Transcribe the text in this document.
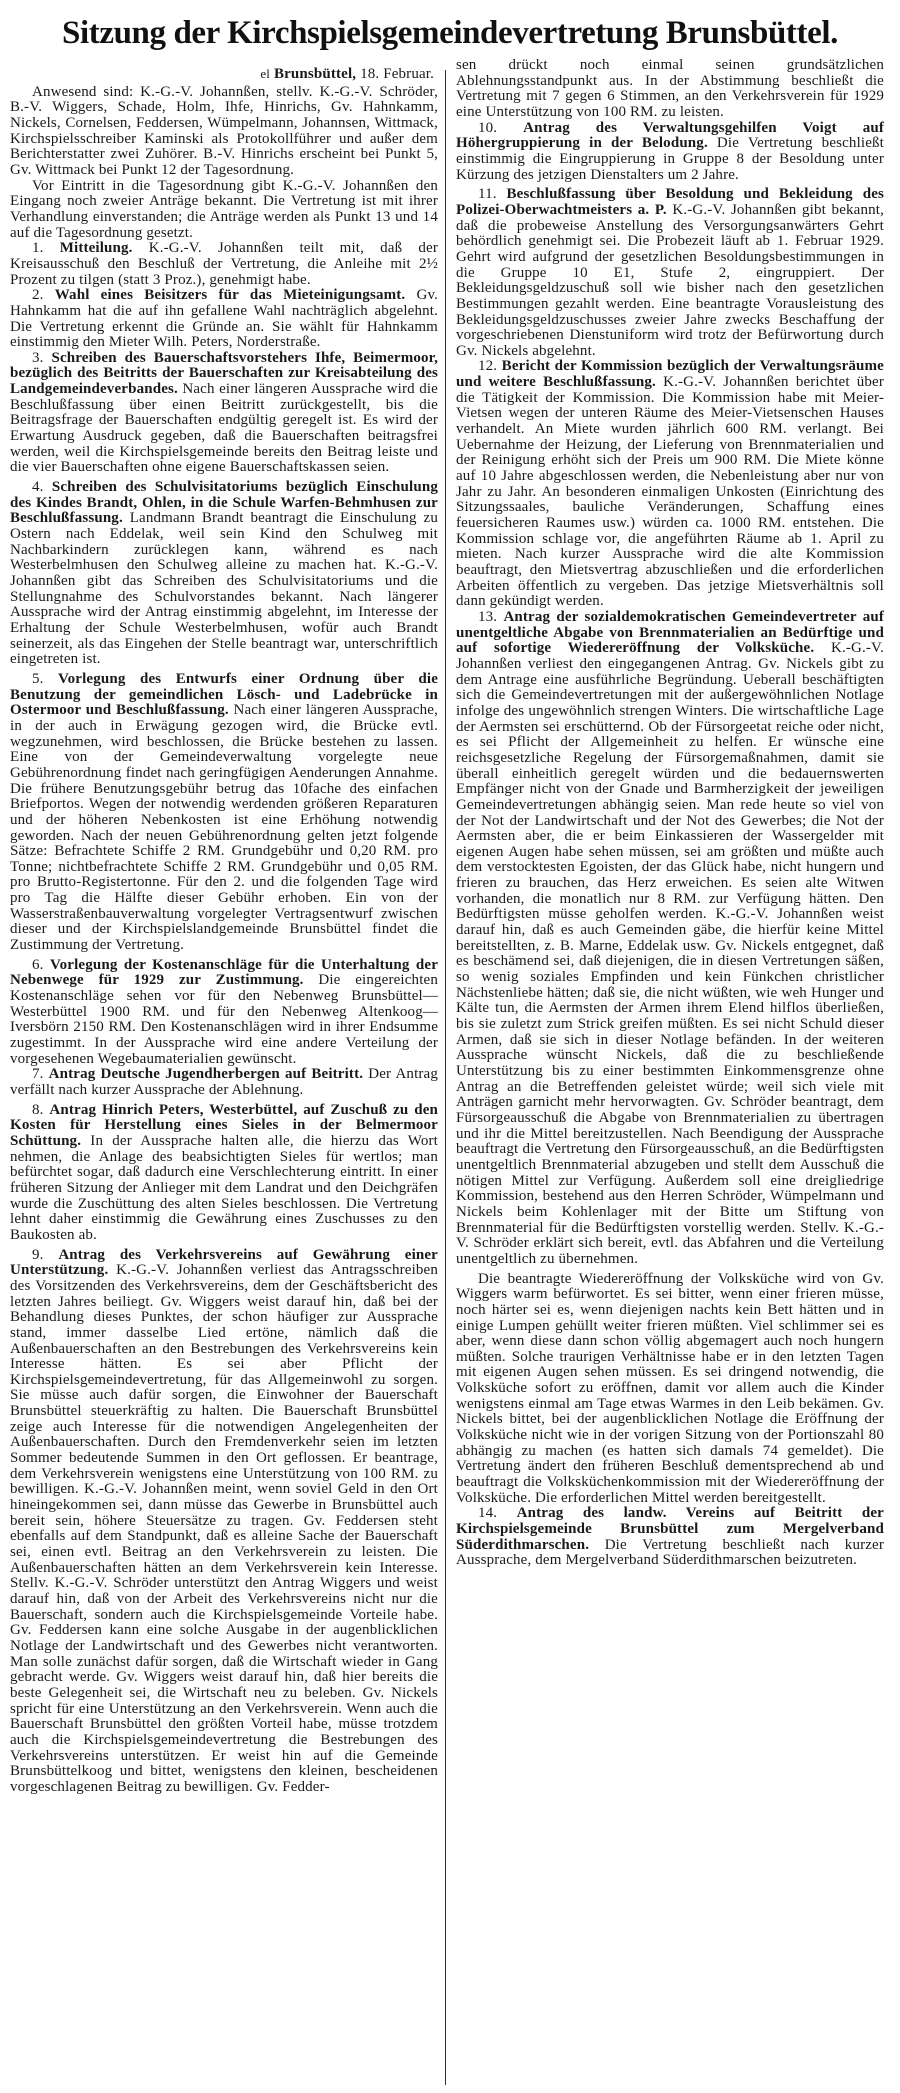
Sitzung der Kirchspielsgemeindevertretung Brunsbüttel.
el Brunsbüttel, 18. Februar.

Anwesend sind: K.-G.-V. Johannßen, stellv. K.-G.-V. Schröder, B.-V. Wiggers, Schade, Holm, Ihfe, Hinrichs, Gv. Hahnkamm, Nickels, Cornelsen, Feddersen, Wümpelmann, Johannsen, Wittmack, Kirchspielsschreiber Kaminski als Protokollführer und außer dem Berichterstatter zwei Zuhörer. B.-V. Hinrichs erscheint bei Punkt 5, Gv. Wittmack bei Punkt 12 der Tagesordnung.

Vor Eintritt in die Tagesordnung gibt K.-G.-V. Johannßen den Eingang noch zweier Anträge bekannt. Die Vertretung ist mit ihrer Verhandlung einverstanden; die Anträge werden als Punkt 13 und 14 auf die Tagesordnung gesetzt.

1. Mitteilung. K.-G.-V. Johannßen teilt mit, daß der Kreisausschuß den Beschluß der Vertretung, die Anleihe mit 2½ Prozent zu tilgen (statt 3 Proz.), genehmigt habe.

2. Wahl eines Beisitzers für das Mieteinigungsamt. Gv. Hahnkamm hat die auf ihn gefallene Wahl nachträglich abgelehnt. Die Vertretung erkennt die Gründe an. Sie wählt für Hahnkamm einstimmig den Mieter Wilh. Peters, Norderstraße.

3. Schreiben des Bauerschaftsvorstehers Ihfe, Beimermoor, bezüglich des Beitritts der Bauerschaften zur Kreisabteilung des Landgemeindeverbandes. Nach einer längeren Aussprache wird die Beschlußfassung über einen Beitritt zurückgestellt, bis die Beitragsfrage der Bauerschaften endgültig geregelt ist. Es wird der Erwartung Ausdruck gegeben, daß die Bauerschaften beitragsfrei werden, weil die Kirchspielsgemeinde bereits den Beitrag leiste und die vier Bauerschaften ohne eigene Bauerschaftskassen seien.

4. Schreiben des Schulvisitatoriums bezüglich Einschulung des Kindes Brandt, Ohlen, in die Schule Warfen-Behmhusen zur Beschlußfassung. Landmann Brandt beantragt die Einschulung zu Ostern nach Eddelak, weil sein Kind den Schulweg mit Nachbarkindern zurücklegen kann, während es nach Westerbelmhusen den Schulweg alleine zu machen hat. K.-G.-V. Johannßen gibt das Schreiben des Schulvisitatoriums und die Stellungnahme des Schulvorstandes bekannt. Nach längerer Aussprache wird der Antrag einstimmig abgelehnt, im Interesse der Erhaltung der Schule Westerbelmhusen, wofür auch Brandt seinerzeit, als das Eingehen der Stelle beantragt war, unterschriftlich eingetreten ist.

5. Vorlegung des Entwurfs einer Ordnung über die Benutzung der gemeindlichen Lösch- und Ladebrücke in Ostermoor und Beschlußfassung. Nach einer längeren Aussprache, in der auch in Erwägung gezogen wird, die Brücke evtl. wegzunehmen, wird beschlossen, die Brücke bestehen zu lassen. Eine von der Gemeindeverwaltung vorgelegte neue Gebührenordnung findet nach geringfügigen Aenderungen Annahme. Die frühere Benutzungsgebühr betrug das 10fache des einfachen Briefportos. Wegen der notwendig werdenden größeren Reparaturen und der höheren Nebenkosten ist eine Erhöhung notwendig geworden. Nach der neuen Gebührenordnung gelten jetzt folgende Sätze: Befrachtete Schiffe 2 RM. Grundgebühr und 0,20 RM. pro Tonne; nichtbefrachtete Schiffe 2 RM. Grundgebühr und 0,05 RM. pro Brutto-Registertonne. Für den 2. und die folgenden Tage wird pro Tag die Hälfte dieser Gebühr erhoben. Ein von der Wasserstraßenbauverwaltung vorgelegter Vertragsentwurf zwischen dieser und der Kirchspielslandgemeinde Brunsbüttel findet die Zustimmung der Vertretung.

6. Vorlegung der Kostenanschläge für die Unterhaltung der Nebenwege für 1929 zur Zustimmung. Die eingereichten Kostenanschläge sehen vor für den Nebenweg Brunsbüttel—Westerbüttel 1900 RM. und für den Nebenweg Altenkoog—Iversbörn 2150 RM. Den Kostenanschlägen wird in ihrer Endsumme zugestimmt. In der Aussprache wird eine andere Verteilung der vorgesehenen Wegebaumaterialien gewünscht.

7. Antrag Deutsche Jugendherbergen auf Beitritt. Der Antrag verfällt nach kurzer Aussprache der Ablehnung.

8. Antrag Hinrich Peters, Westerbüttel, auf Zuschuß zu den Kosten für Herstellung eines Sieles in der Belmermoor Schüttung. In der Aussprache halten alle, die hierzu das Wort nehmen, die Anlage des beabsichtigten Sieles für wertlos; man befürchtet sogar, daß dadurch eine Verschlechterung eintritt. In einer früheren Sitzung der Anlieger mit dem Landrat und den Deichgräfen wurde die Zuschüttung des alten Sieles beschlossen. Die Vertretung lehnt daher einstimmig die Gewährung eines Zuschusses zu den Baukosten ab.

9. Antrag des Verkehrsvereins auf Gewährung einer Unterstützung. K.-G.-V. Johannßen verliest das Antragsschreiben des Vorsitzenden des Verkehrsvereins, dem der Geschäftsbericht des letzten Jahres beiliegt. Gv. Wiggers weist darauf hin, daß bei der Behandlung dieses Punktes, der schon häufiger zur Aussprache stand, immer dasselbe Lied ertöne, nämlich daß die Außenbauerschaften an den Bestrebungen des Verkehrsvereins kein Interesse hätten. Es sei aber Pflicht der Kirchspielsgemeindevertretung, für das Allgemeinwohl zu sorgen. Sie müsse auch dafür sorgen, die Einwohner der Bauerschaft Brunsbüttel steuerkräftig zu halten. Die Bauerschaft Brunsbüttel zeige auch Interesse für die notwendigen Angelegenheiten der Außenbauerschaften. Durch den Fremdenverkehr seien im letzten Sommer bedeutende Summen in den Ort geflossen. Er beantrage, dem Verkehrsverein wenigstens eine Unterstützung von 100 RM. zu bewilligen. K.-G.-V. Johannßen meint, wenn soviel Geld in den Ort hineingekommen sei, dann müsse das Gewerbe in Brunsbüttel auch bereit sein, höhere Steuersätze zu tragen. Gv. Feddersen steht ebenfalls auf dem Standpunkt, daß es alleine Sache der Bauerschaft sei, einen evtl. Beitrag an den Verkehrsverein zu leisten. Die Außenbauerschaften hätten an dem Verkehrsverein kein Interesse. Stellv. K.-G.-V. Schröder unterstützt den Antrag Wiggers und weist darauf hin, daß von der Arbeit des Verkehrsvereins nicht nur die Bauerschaft, sondern auch die Kirchspielsgemeinde Vorteile habe. Gv. Feddersen kann eine solche Ausgabe in der augenblicklichen Notlage der Landwirtschaft und des Gewerbes nicht verantworten. Man solle zunächst dafür sorgen, daß die Wirtschaft wieder in Gang gebracht werde. Gv. Wiggers weist darauf hin, daß hier bereits die beste Gelegenheit sei, die Wirtschaft neu zu beleben. Gv. Nickels spricht für eine Unterstützung an den Verkehrsverein. Wenn auch die Bauerschaft Brunsbüttel den größten Vorteil habe, müsse trotzdem auch die Kirchspielsgemeindevertretung die Bestrebungen des Verkehrsvereins unterstützen. Er weist hin auf die Gemeinde Brunsbüttelkoog und bittet, wenigstens den kleinen, bescheidenen vorgeschlagenen Beitrag zu bewilligen. Gv. Fedder-

sen drückt noch einmal seinen grundsätzlichen Ablehnungsstandpunkt aus. In der Abstimmung beschließt die Vertretung mit 7 gegen 6 Stimmen, an den Verkehrsverein für 1929 eine Unterstützung von 100 RM. zu leisten.

10. Antrag des Verwaltungsgehilfen Voigt auf Höhergruppierung in der Belodung. Die Vertretung beschließt einstimmig die Eingruppierung in Gruppe 8 der Besoldung unter Kürzung des jetzigen Dienstalters um 2 Jahre.

11. Beschlußfassung über Besoldung und Bekleidung des Polizei-Oberwachtmeisters a. P. K.-G.-V. Johannßen gibt bekannt, daß die probeweise Anstellung des Versorgungsanwärters Gehrt behördlich genehmigt sei. Die Probezeit läuft ab 1. Februar 1929. Gehrt wird aufgrund der gesetzlichen Besoldungsbestimmungen in die Gruppe 10 E1, Stufe 2, eingruppiert. Der Bekleidungsgeldzuschuß soll wie bisher nach den gesetzlichen Bestimmungen gezahlt werden. Eine beantragte Vorausleistung des Bekleidungsgeldzuschusses zweier Jahre zwecks Beschaffung der vorgeschriebenen Dienstuniform wird trotz der Befürwortung durch Gv. Nickels abgelehnt.

12. Bericht der Kommission bezüglich der Verwaltungsräume und weitere Beschlußfassung. K.-G.-V. Johannßen berichtet über die Tätigkeit der Kommission. Die Kommission habe mit Meier-Vietsen wegen der unteren Räume des Meier-Vietsenschen Hauses verhandelt. An Miete wurden jährlich 600 RM. verlangt. Bei Uebernahme der Heizung, der Lieferung von Brennmaterialien und der Reinigung erhöht sich der Preis um 900 RM. Die Miete könne auf 10 Jahre abgeschlossen werden, die Nebenleistung aber nur von Jahr zu Jahr. An besonderen einmaligen Unkosten (Einrichtung des Sitzungssaales, bauliche Veränderungen, Schaffung eines feuersicheren Raumes usw.) würden ca. 1000 RM. entstehen. Die Kommission schlage vor, die angeführten Räume ab 1. April zu mieten. Nach kurzer Aussprache wird die alte Kommission beauftragt, den Mietsvertrag abzuschließen und die erforderlichen Arbeiten öffentlich zu vergeben. Das jetzige Mietsverhältnis soll dann gekündigt werden.

13. Antrag der sozialdemokratischen Gemeindevertreter auf unentgeltliche Abgabe von Brennmaterialien an Bedürftige und auf sofortige Wiedereröffnung der Volksküche. K.-G.-V. Johannßen verliest den eingegangenen Antrag. Gv. Nickels gibt zu dem Antrage eine ausführliche Begründung. Ueberall beschäftigten sich die Gemeindevertretungen mit der außergewöhnlichen Notlage infolge des ungewöhnlich strengen Winters. Die wirtschaftliche Lage der Aermsten sei erschütternd. Ob der Fürsorgeetat reiche oder nicht, es sei Pflicht der Allgemeinheit zu helfen. Er wünsche eine reichsgesetzliche Regelung der Fürsorgemaßnahmen, damit sie überall einheitlich geregelt würden und die bedauernswerten Empfänger nicht von der Gnade und Barmherzigkeit der jeweiligen Gemeindevertretungen abhängig seien. Man rede heute so viel von der Not der Landwirtschaft und der Not des Gewerbes; die Not der Aermsten aber, die er beim Einkassieren der Wassergelder mit eigenen Augen habe sehen müssen, sei am größten und müßte auch dem verstocktesten Egoisten, der das Glück habe, nicht hungern und frieren zu brauchen, das Herz erweichen. Es seien alte Witwen vorhanden, die monatlich nur 8 RM. zur Verfügung hätten. Den Bedürftigsten müsse geholfen werden. K.-G.-V. Johannßen weist darauf hin, daß es auch Gemeinden gäbe, die hierfür keine Mittel bereitstellten, z. B. Marne, Eddelak usw. Gv. Nickels entgegnet, daß es beschämend sei, daß diejenigen, die in diesen Vertretungen säßen, so wenig soziales Empfinden und kein Fünkchen christlicher Nächstenliebe hätten; daß sie, die nicht wüßten, wie weh Hunger und Kälte tun, die Aermsten der Armen ihrem Elend hilflos überließen, bis sie zuletzt zum Strick greifen müßten. Es sei nicht Schuld dieser Armen, daß sie sich in dieser Notlage befänden. In der weiteren Aussprache wünscht Nickels, daß die zu beschließende Unterstützung bis zu einer bestimmten Einkommensgrenze ohne Antrag an die Betreffenden geleistet würde; weil sich viele mit Anträgen garnicht mehr hervorwagten. Gv. Schröder beantragt, dem Fürsorgeausschuß die Abgabe von Brennmaterialien zu übertragen und ihr die Mittel bereitzustellen. Nach Beendigung der Aussprache beauftragt die Vertretung den Fürsorgeausschuß, an die Bedürftigsten unentgeltlich Brennmaterial abzugeben und stellt dem Ausschuß die nötigen Mittel zur Verfügung. Außerdem soll eine dreigliedrige Kommission, bestehend aus den Herren Schröder, Wümpelmann und Nickels beim Kohlenlager mit der Bitte um Stiftung von Brennmaterial für die Bedürftigsten vorstellig werden. Stellv. K.-G.-V. Schröder erklärt sich bereit, evtl. das Abfahren und die Verteilung unentgeltlich zu übernehmen.

Die beantragte Wiedereröffnung der Volksküche wird von Gv. Wiggers warm befürwortet. Es sei bitter, wenn einer frieren müsse, noch härter sei es, wenn diejenigen nachts kein Bett hätten und in einige Lumpen gehüllt weiter frieren müßten. Viel schlimmer sei es aber, wenn diese dann schon völlig abgemagert auch noch hungern müßten. Solche traurigen Verhältnisse habe er in den letzten Tagen mit eigenen Augen sehen müssen. Es sei dringend notwendig, die Volksküche sofort zu eröffnen, damit vor allem auch die Kinder wenigstens einmal am Tage etwas Warmes in den Leib bekämen. Gv. Nickels bittet, bei der augenblicklichen Notlage die Eröffnung der Volksküche nicht wie in der vorigen Sitzung von der Portionszahl 80 abhängig zu machen (es hatten sich damals 74 gemeldet). Die Vertretung ändert den früheren Beschluß dementsprechend ab und beauftragt die Volksküchenkommission mit der Wiedereröffnung der Volksküche. Die erforderlichen Mittel werden bereitgestellt.

14. Antrag des landw. Vereins auf Beitritt der Kirchspielsgemeinde Brunsbüttel zum Mergelverband Süderdithmarschen. Die Vertretung beschließt nach kurzer Aussprache, dem Mergelverband Süderdithmarschen beizutreten.
